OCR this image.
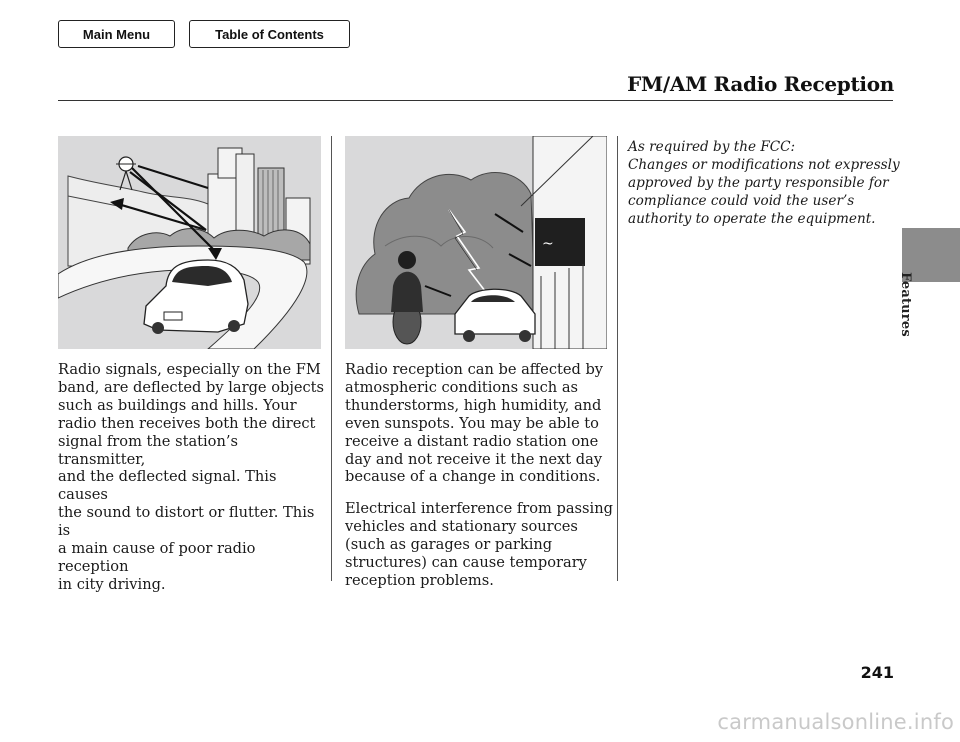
Main Menu	Table of Contents
FM/AM Radio Reception
~

Radio signals, especially on the FM
band, are deflected by large objects
such as buildings and hills. Your
radio then receives both the direct
signal from the station’s transmitter,
and the deflected signal. This causes
the sound to distort or flutter. This is
a main cause of poor radio reception
in city driving.

Radio reception can be affected by
atmospheric conditions such as
thunderstorms, high humidity, and
even sunspots. You may be able to
receive a distant radio station one
day and not receive it the next day
because of a change in conditions.

Electrical interference from passing
vehicles and stationary sources
(such as garages or parking
structures) can cause temporary
reception problems.

As required by the FCC:
Changes or modifications not expressly
approved by the party responsible for
compliance could void the user’s
authority to operate the equipment.
Features
241
carmanualsonline.info
